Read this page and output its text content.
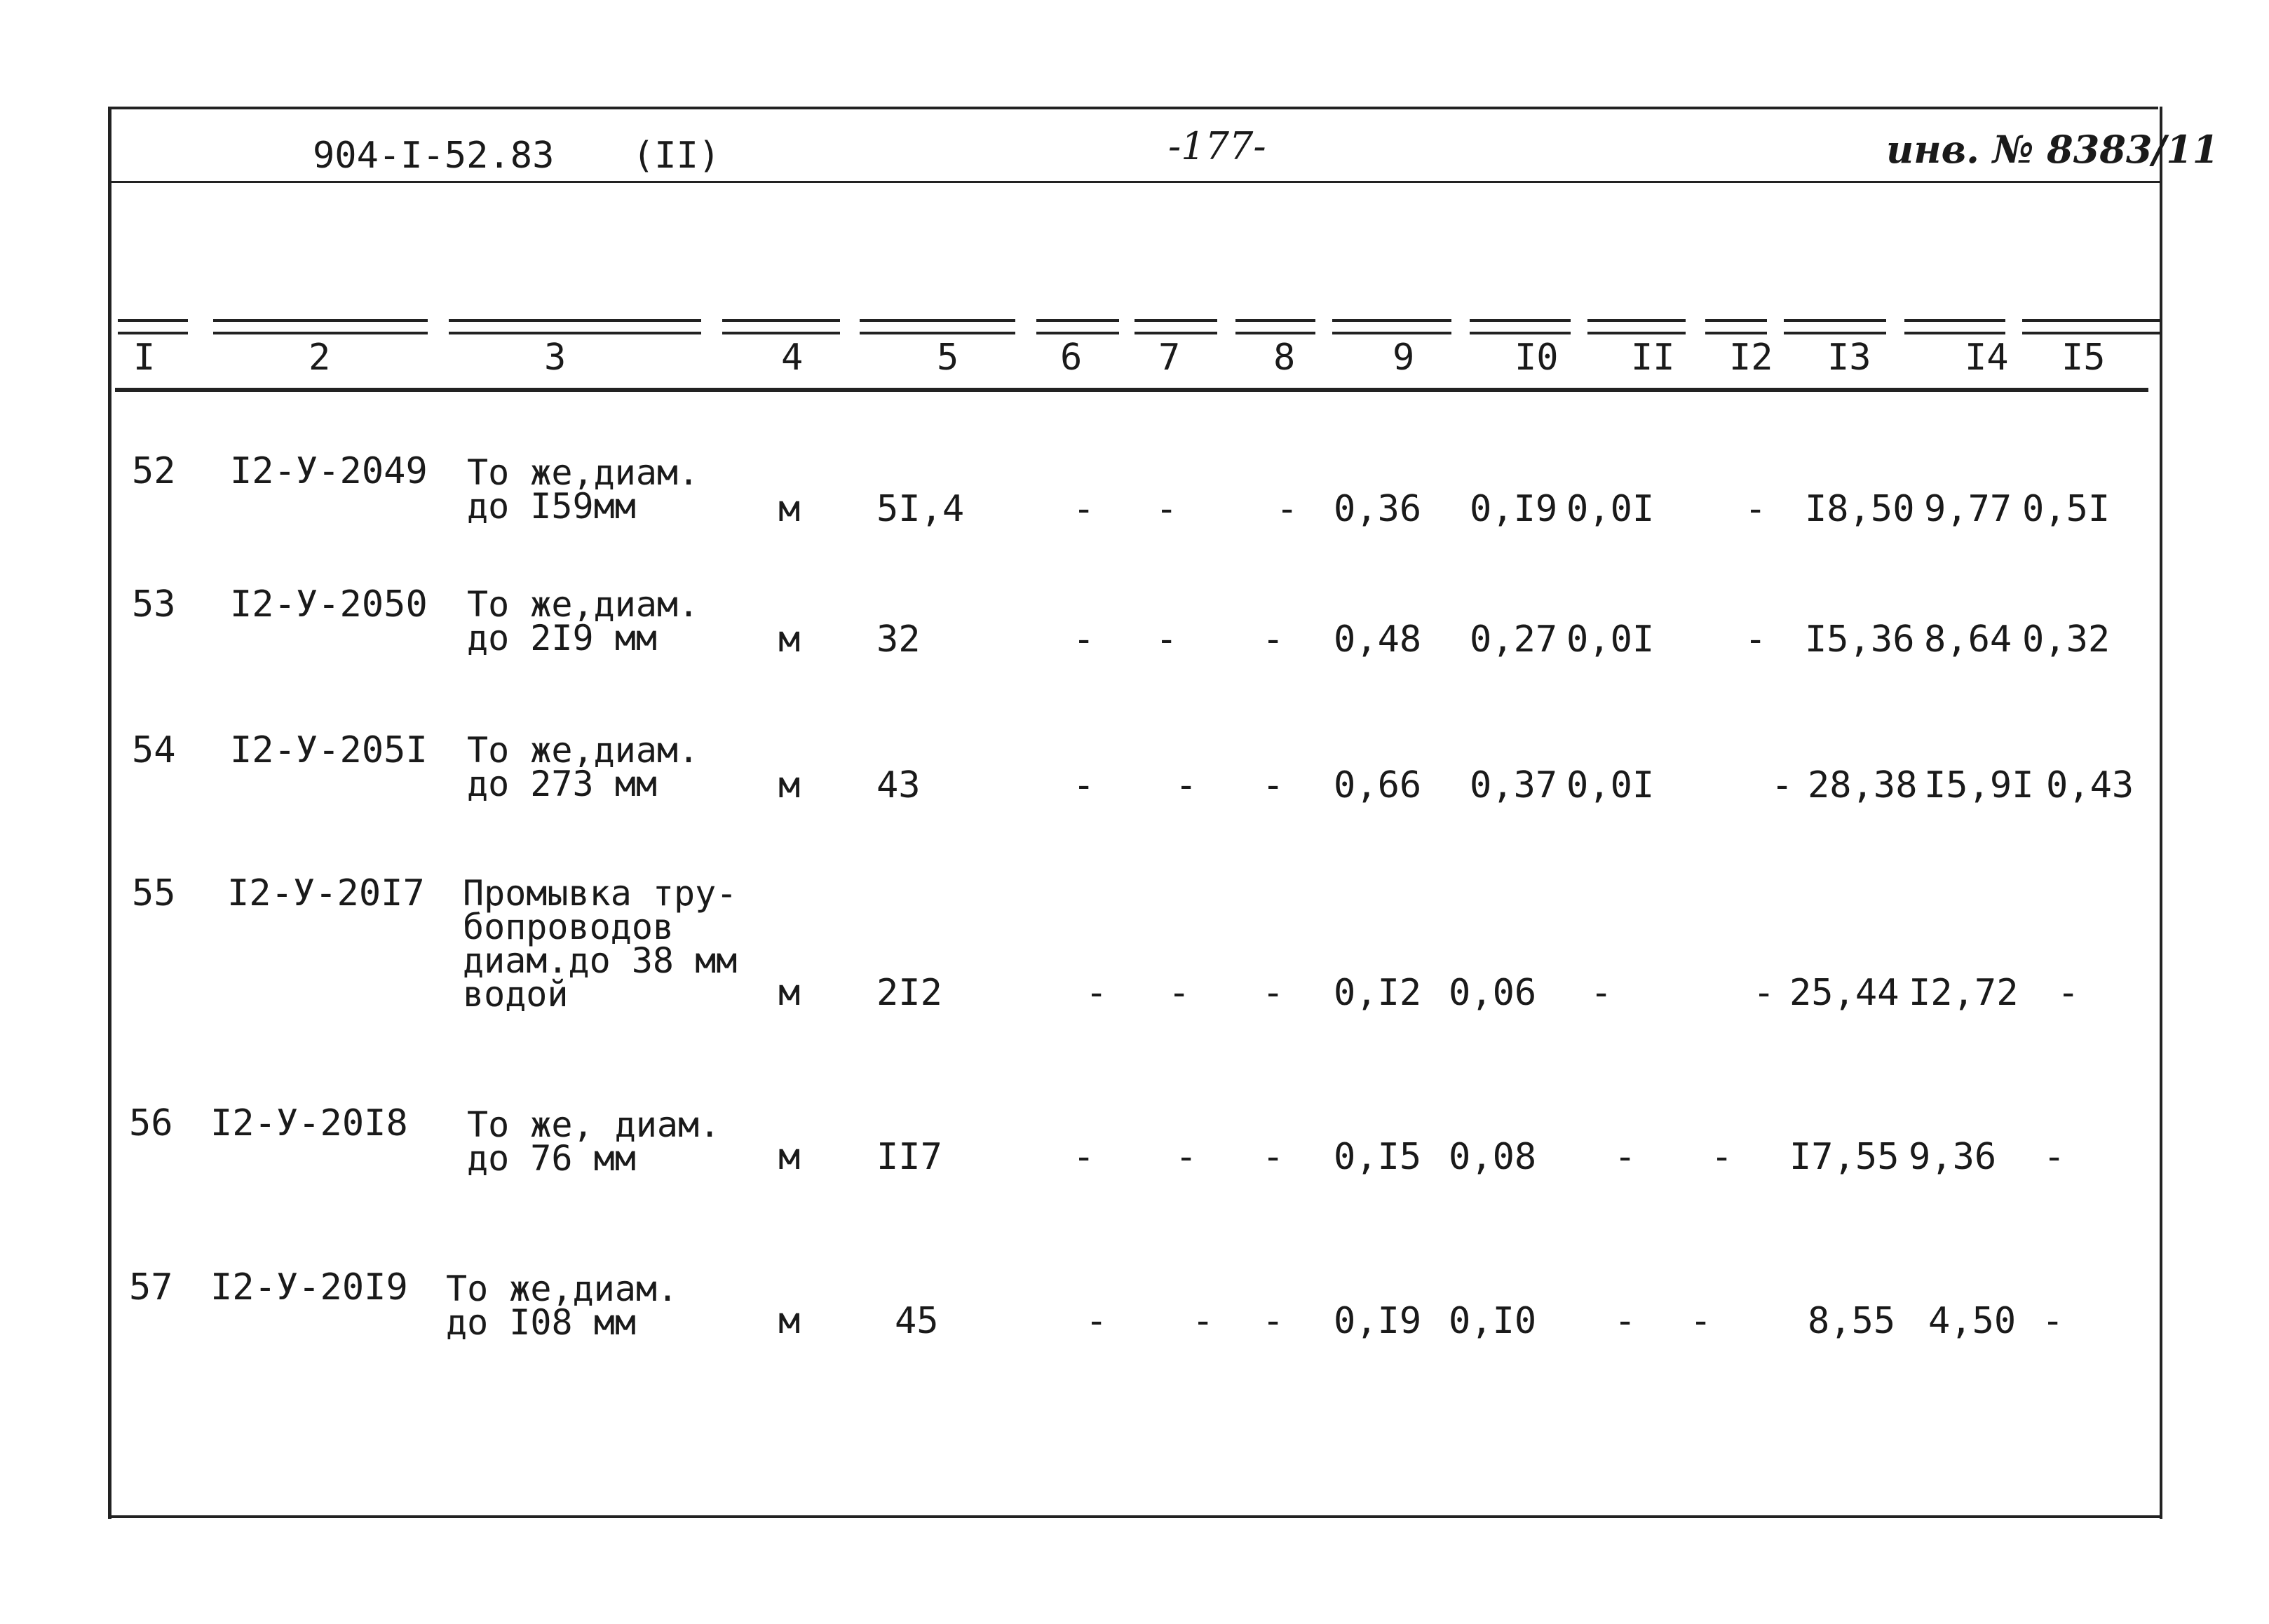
904-I-52.83 (II)	-177-	инв. № 8383/11
I	2	3	4	5	6 7	8	9	I0 II I2 I3	I4 I5
52 I2-У-2049 То же,диам.
до I59мм	м 5I,4	- -	- 0,36 0,I9 0,0I - I8,50 9,77 0,5I
53 I2-У-2050 То же,диам.
до 2I9 мм	м 32	- - - 0,48 0,27 0,0I - I5,36 8,64 0,32
54 I2-У-205I То же,диам.
до 273 мм	м 43	- - - 0,66 0,37 0,0I	- 28,38 I5,9I 0,43
55 I2-У-20I7 Промывка тру-
бопроводов
диам.до 38 мм
водой	м 2I2	- - - 0,I2 0,06 -	- 25,44 I2,72 -
56 I2-У-20I8 То же, диам.
до 76 мм	м II7	- - - 0,I5 0,08 - - I7,55 9,36 -
57 I2-У-20I9 То же,диам.
до I08 мм	м	45	- - - 0,I9 0,I0 - -	8,55 4,50 -
